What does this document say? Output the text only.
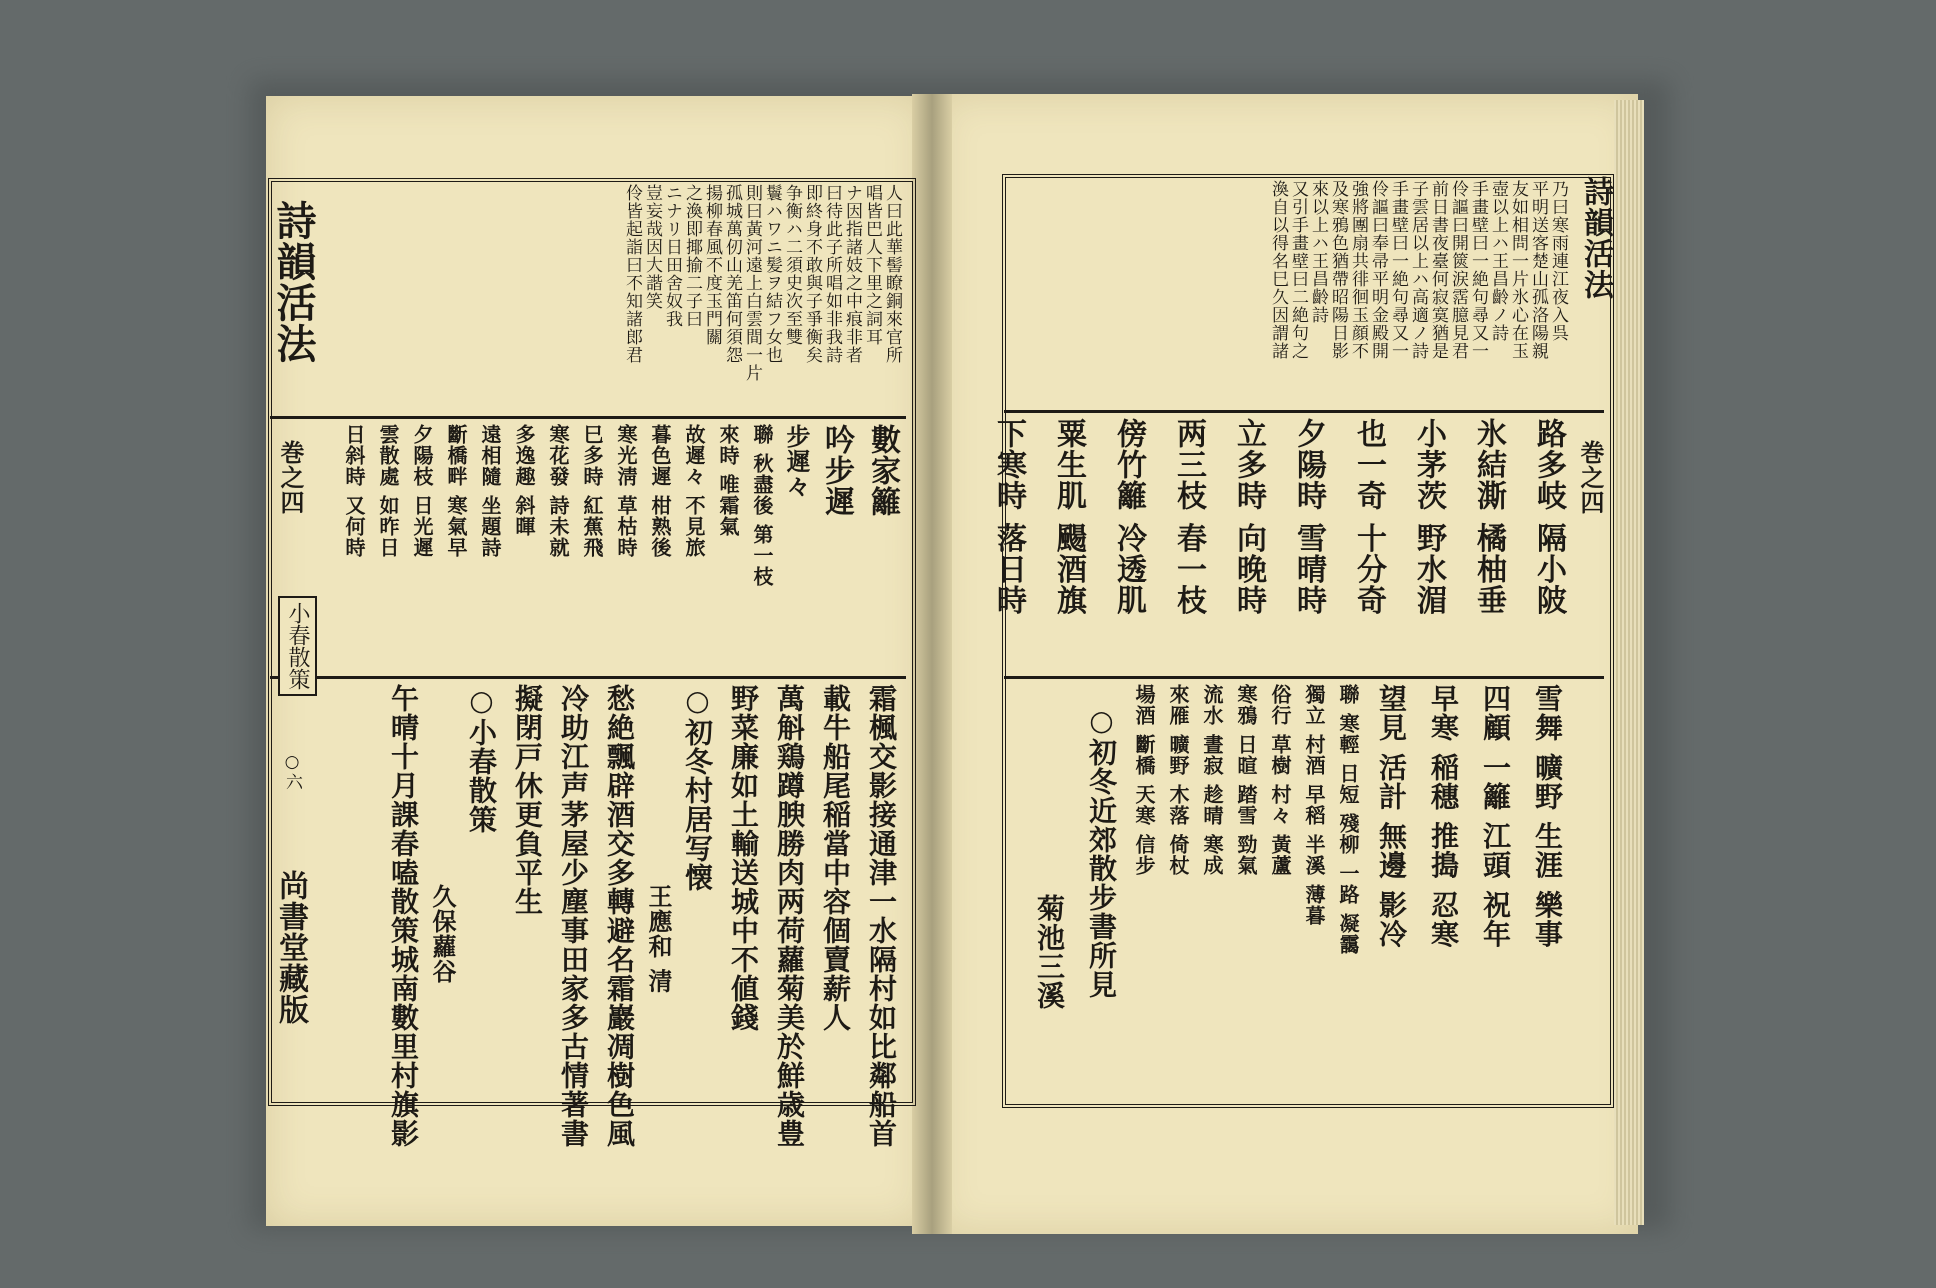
詩韻活法
巻之四
小春散策
○六
尚書堂藏版
人曰此華髻瞭銅來官所
唱皆巴人下里之詞耳
ナ因指諸妓之中痕非者
曰待此子所唱如非我詩
即終身不敢與子爭衡矣
争衡ハ二須史次至雙
鬟ハワニ髪ヲ結フ女也
則曰黃河遠上白雲間一片
孤城萬仞山羌笛何須怨
揚柳春風不度玉門關
之渙即揶揄二子曰
ニナリ日田舍奴我
豈妄哉因大諧笑
伶皆起詣曰不知諸郎君
數家籬
吟步遲
步遲々
聯 秋盡後 第一枝
來時 唯霜氣
故遲々 不見旅
暮色遲 柑熟後
寒光淸 草枯時
巳多時 紅蕉飛
寒花發 詩未就
多逸趣 斜暉
遠相隨 坐題詩
斷橋畔 寒氣早
夕陽枝 日光遲
雲散處 如昨日
日斜時 又何時
霜楓交影接通津一水隔村如比鄰船首
載牛船尾稲當中容個賣薪人
萬斛鶏蹲腴勝肉两荷蘿菊美於鮮歳豊
野菜廉如土輸送城中不値錢
○初冬村居写懐
王應和 清
愁絶飄辟酒交多轉避名霜巖凋樹色風
冷助江声茅屋少塵事田家多古情著書
擬閉戸休更負平生
○小春散策
久保蘿谷
午晴十月課春嗑散策城南數里村旗影
詩韻活法
巻之四
乃曰寒雨連江夜入呉
平明送客楚山孤洛陽親
友如相問一片氷心在玉
壺以上ハ王昌齡ノ詩
手畫壁曰一絶句尋又一
伶謳曰開篋涙霑臆見君
前日書夜臺何寂寞猶是
子雲居以上ハ高適ノ詩
手畫壁曰一絶句尋又一
伶謳曰奉帚平明金殿開
強將團扇共徘徊玉顔不
及寒鴉色猶帶昭陽日影
來以上ハ王昌齡詩
又引手畫壁曰二絶句之
渙自以得名巳久因謂諸
路多岐 隔小陂
氷結澌 橘柚垂
小茅茨 野水湄
也一奇 十分奇
夕陽時 雪晴時
立多時 向晚時
两三枝 春一枝
傍竹籬 冷透肌
粟生肌 颺酒旗
下寒時 落日時
雪舞 曠野 生涯 樂事
四顧 一籬 江頭 祝年
早寒 稲穗 推搗 忍寒
望見 活計 無邊 影冷
聯 寒輕 日短 殘柳 一路 凝靄
獨立 村酒 早稻 半溪 薄暮
俗行 草樹 村々 黃蘆
寒鴉 日暄 踏雪 勁氣
流水 晝寂 趁晴 寒成
來雁 曠野 木落 倚杖
場酒 斷橋 天寒 信步
○初冬近郊散步書所見
菊池三溪
